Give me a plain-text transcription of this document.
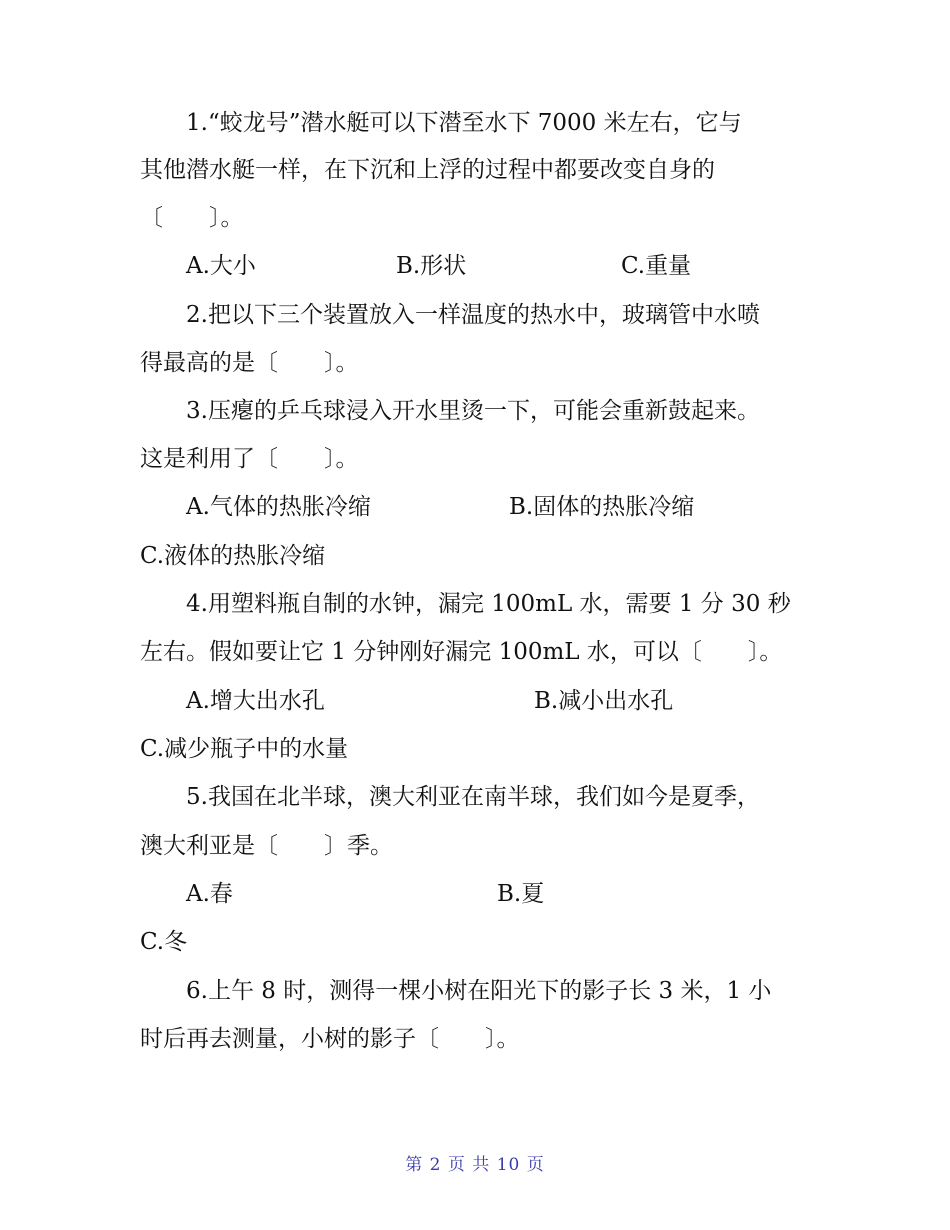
1.“蛟龙号”潜水艇可以下潜至水下 7000 米左右，它与
其他潜水艇一样，在下沉和上浮的过程中都要改变自身的
〔　　〕。
A.大小	B.形状	C.重量
2.把以下三个装置放入一样温度的热水中，玻璃管中水喷
得最高的是〔　　〕。
3.压瘪的乒乓球浸入开水里烫一下，可能会重新鼓起来。
这是利用了〔　　〕。
A.气体的热胀冷缩	B.固体的热胀冷缩
C.液体的热胀冷缩
4.用塑料瓶自制的水钟，漏完 100mL 水，需要 1 分 30 秒
左右。假如要让它 1 分钟刚好漏完 100mL 水，可以〔　　〕。
A.增大出水孔	B.减小出水孔
C.减少瓶子中的水量
5.我国在北半球，澳大利亚在南半球，我们如今是夏季，
澳大利亚是〔　　〕季。
A.春	B.夏
C.冬
6.上午 8 时，测得一棵小树在阳光下的影子长 3 米，1 小
时后再去测量，小树的影子〔　　〕。
第 2 页 共 10 页
